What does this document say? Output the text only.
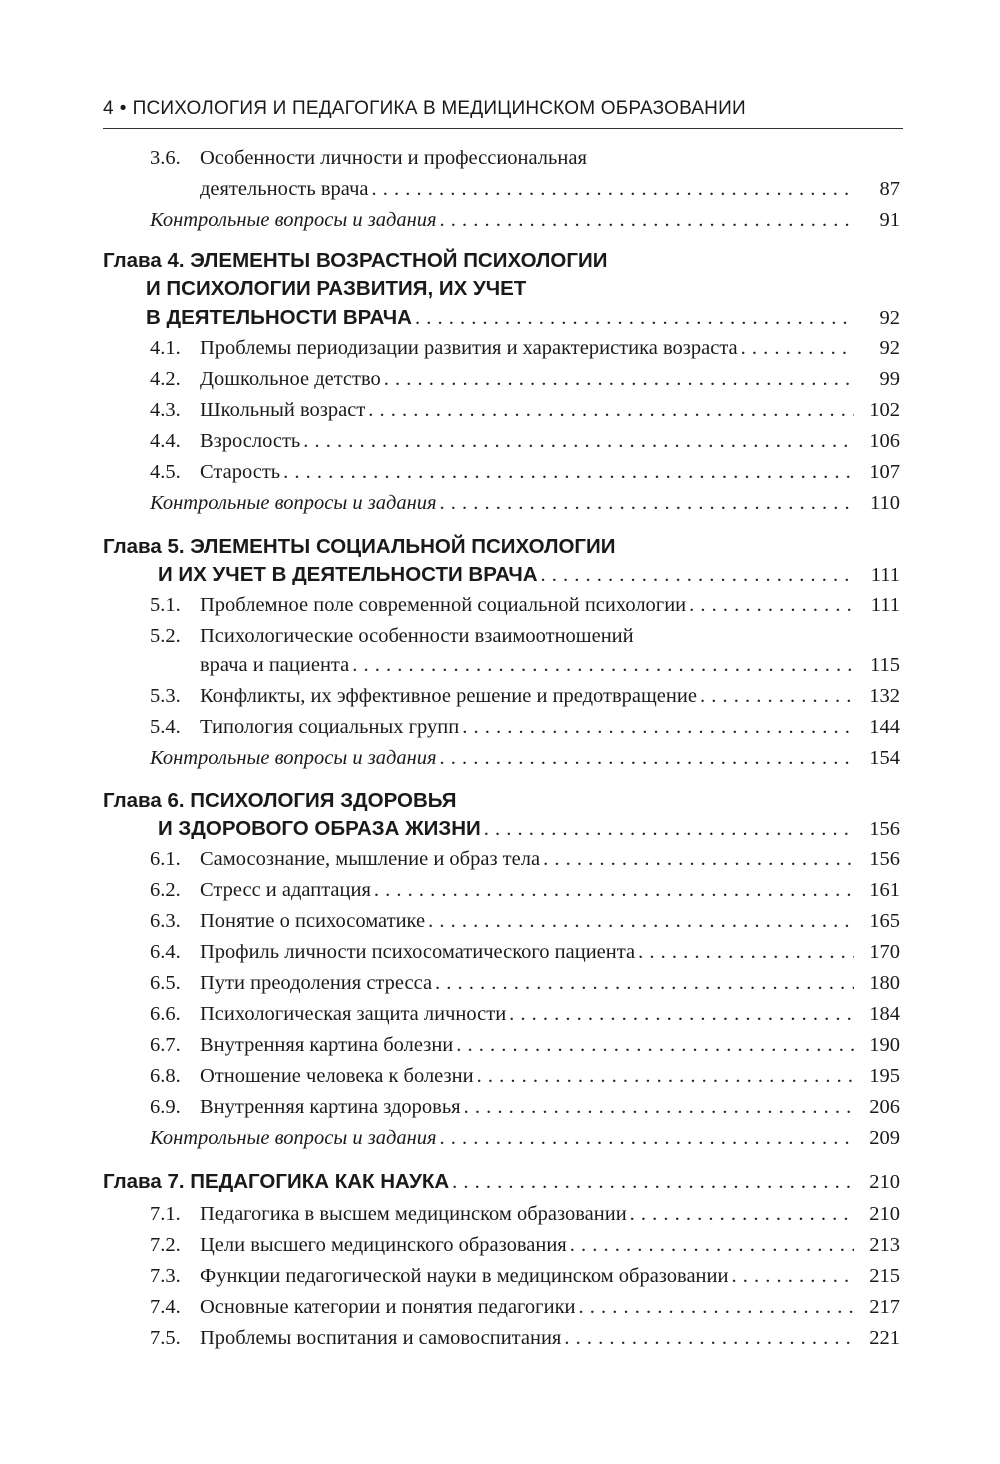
4 • ПСИХОЛОГИЯ И ПЕДАГОГИКА В МЕДИЦИНСКОМ ОБРАЗОВАНИИ
3.6. Особенности личности и профессиональная
деятельность врача . . .	87
Контрольные вопросы и задания . . .	91
Глава 4. ЭЛЕМЕНТЫ ВОЗРАСТНОЙ ПСИХОЛОГИИ
И ПСИХОЛОГИИ РАЗВИТИЯ, ИХ УЧЕТ
В ДЕЯТЕЛЬНОСТИ ВРАЧА . . .	92
4.1. Проблемы периодизации развития и характеристика возраста . . .	92
4.2. Дошкольное детство . . .	99
4.3. Школьный возраст . . .	102
4.4. Взрослость . . .	106
4.5. Старость . . .	107
Контрольные вопросы и задания . . .	110
Глава 5. ЭЛЕМЕНТЫ СОЦИАЛЬНОЙ ПСИХОЛОГИИ
И ИХ УЧЕТ В ДЕЯТЕЛЬНОСТИ ВРАЧА . . .	111
5.1. Проблемное поле современной социальной психологии . . .	111
5.2. Психологические особенности взаимоотношений
врача и пациента . . .	115
5.3. Конфликты, их эффективное решение и предотвращение . . .	132
5.4. Типология социальных групп . . .	144
Контрольные вопросы и задания . . .	154
Глава 6. ПСИХОЛОГИЯ ЗДОРОВЬЯ
И ЗДОРОВОГО ОБРАЗА ЖИЗНИ . . .	156
6.1. Самосознание, мышление и образ тела . . .	156
6.2. Стресс и адаптация . . .	161
6.3. Понятие о психосоматике . . .	165
6.4. Профиль личности психосоматического пациента . . .	170
6.5. Пути преодоления стресса . . .	180
6.6. Психологическая защита личности . . .	184
6.7. Внутренняя картина болезни . . .	190
6.8. Отношение человека к болезни . . .	195
6.9. Внутренняя картина здоровья . . .	206
Контрольные вопросы и задания . . .	209
Глава 7. ПЕДАГОГИКА КАК НАУКА . . .	210
7.1. Педагогика в высшем медицинском образовании . . .	210
7.2. Цели высшего медицинского образования . . .	213
7.3. Функции педагогической науки в медицинском образовании . . .	215
7.4. Основные категории и понятия педагогики . . .	217
7.5. Проблемы воспитания и самовоспитания . . .	221
